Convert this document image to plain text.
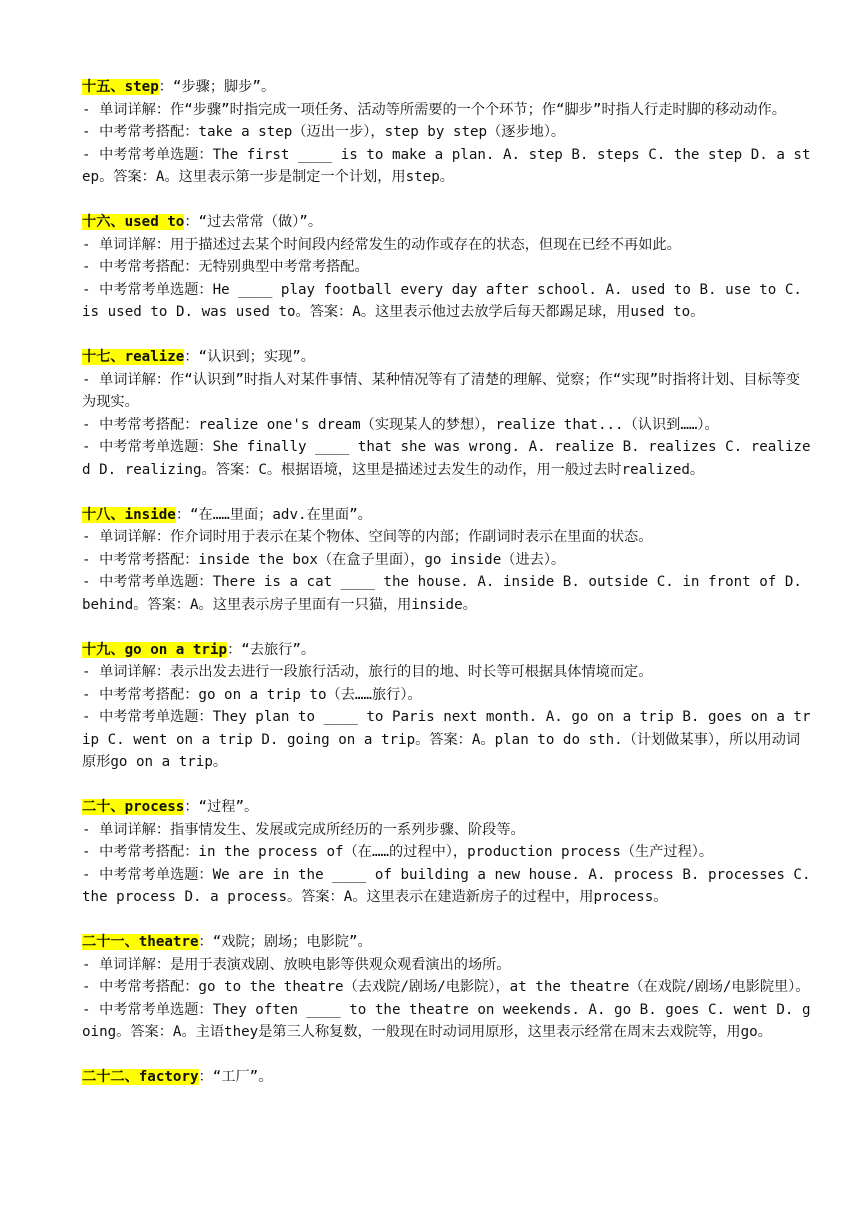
十五、step：“步骤；脚步”。
- 单词详解：作“步骤”时指完成一项任务、活动等所需要的一个个环节；作“脚步”时指人行走时脚的移动动作。
- 中考常考搭配：take a step（迈出一步），step by step（逐步地）。
- 中考常考单选题：The first ____ is to make a plan. A. step B. steps C. the step D. a step。答案：A。这里表示第一步是制定一个计划，用step。
十六、used to：“过去常常（做）”。
- 单词详解：用于描述过去某个时间段内经常发生的动作或存在的状态，但现在已经不再如此。
- 中考常考搭配：无特别典型中考常考搭配。
- 中考常考单选题：He ____ play football every day after school. A. used to B. use to C. is used to D. was used to。答案：A。这里表示他过去放学后每天都踢足球，用used to。
十七、realize：“认识到；实现”。
- 单词详解：作“认识到”时指人对某件事情、某种情况等有了清楚的理解、觉察；作“实现”时指将计划、目标等变为现实。
- 中考常考搭配：realize one's dream（实现某人的梦想），realize that...（认识到……）。
- 中考常考单选题：She finally ____ that she was wrong. A. realize B. realizes C. realized D. realizing。答案：C。根据语境，这里是描述过去发生的动作，用一般过去时realized。
十八、inside：“在……里面；adv.在里面”。
- 单词详解：作介词时用于表示在某个物体、空间等的内部；作副词时表示在里面的状态。
- 中考常考搭配：inside the box（在盒子里面），go inside（进去）。
- 中考常考单选题：There is a cat ____ the house. A. inside B. outside C. in front of D. behind。答案：A。这里表示房子里面有一只猫，用inside。
十九、go on a trip：“去旅行”。
- 单词详解：表示出发去进行一段旅行活动，旅行的目的地、时长等可根据具体情境而定。
- 中考常考搭配：go on a trip to（去……旅行）。
- 中考常考单选题：They plan to ____ to Paris next month. A. go on a trip B. goes on a trip C. went on a trip D. going on a trip。答案：A。plan to do sth.（计划做某事），所以用动词原形go on a trip。
二十、process：“过程”。
- 单词详解：指事情发生、发展或完成所经历的一系列步骤、阶段等。
- 中考常考搭配：in the process of（在……的过程中），production process（生产过程）。
- 中考常考单选题：We are in the ____ of building a new house. A. process B. processes C. the process D. a process。答案：A。这里表示在建造新房子的过程中，用process。
二十一、theatre：“戏院；剧场；电影院”。
- 单词详解：是用于表演戏剧、放映电影等供观众观看演出的场所。
- 中考常考搭配：go to the theatre（去戏院/剧场/电影院），at the theatre（在戏院/剧场/电影院里）。
- 中考常考单选题：They often ____ to the theatre on weekends. A. go B. goes C. went D. going。答案：A。主语they是第三人称复数，一般现在时动词用原形，这里表示经常在周末去戏院等，用go。
二十二、factory：“工厂”。
